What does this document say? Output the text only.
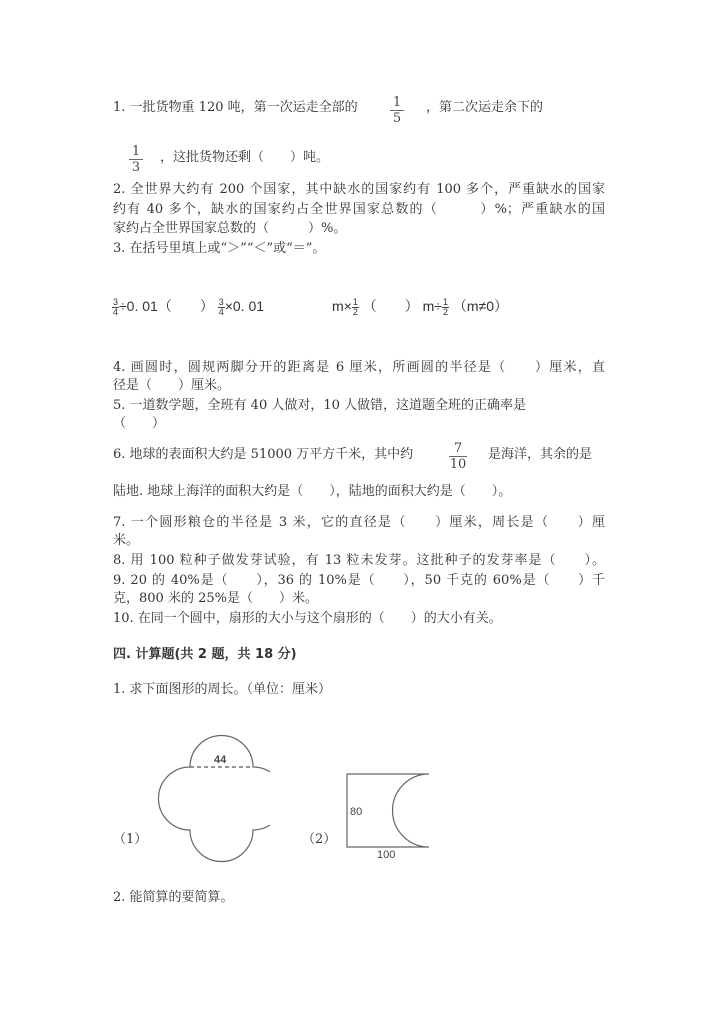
1. 一批货物重 120 吨，第一次运走全部的	1
5
，第二次运走余下的
1
3
，这批货物还剩（　　）吨。
2. 全世界大约有 200 个国家，其中缺水的国家约有 100 多个，严重缺水的国家
约有 40 多个，缺水的国家约占全世界国家总数的（　　　）%；严重缺水的国
家约占全世界国家总数的（　　　）%。
3. 在括号里填上或“＞”“＜”或“＝”。
$\frac{3}{4} \div 0$. 01（　　） $\frac{3}{4} \times 0$. 01	$m\times \frac{1}{2}$ （　　） $m\div \frac{1}{2} (m\ne 0)$
4. 画圆时，圆规两脚分开的距离是 6 厘米，所画圆的半径是（　　）厘米，直
径是（　　）厘米。
5. 一道数学题，全班有 40 人做对，10 人做错，这道题全班的正确率是
（　　）
6. 地球的表面积大约是 51000 万平方千米，其中约	7
10
是海洋，其余的是
陆地. 地球上海洋的面积大约是（　　），陆地的面积大约是（　　）。
7. 一个圆形粮仓的半径是 3 米，它的直径是（　　）厘米，周长是（　　）厘
米。
8. 用 100 粒种子做发芽试验，有 13 粒未发芽。这批种子的发芽率是（　　）。
9. 20 的 40%是（　　），36 的 10%是（　　），50 千克的 60%是（　　）千
克，800 米的 25%是（　　）米。
10. 在同一个圆中，扇形的大小与这个扇形的（　　）的大小有关。
四. 计算题(共 2 题，共 18 分)
1. 求下面图形的周长。（单位：厘米）
（1）
44
（2）
80
100
2. 能简算的要简算。
